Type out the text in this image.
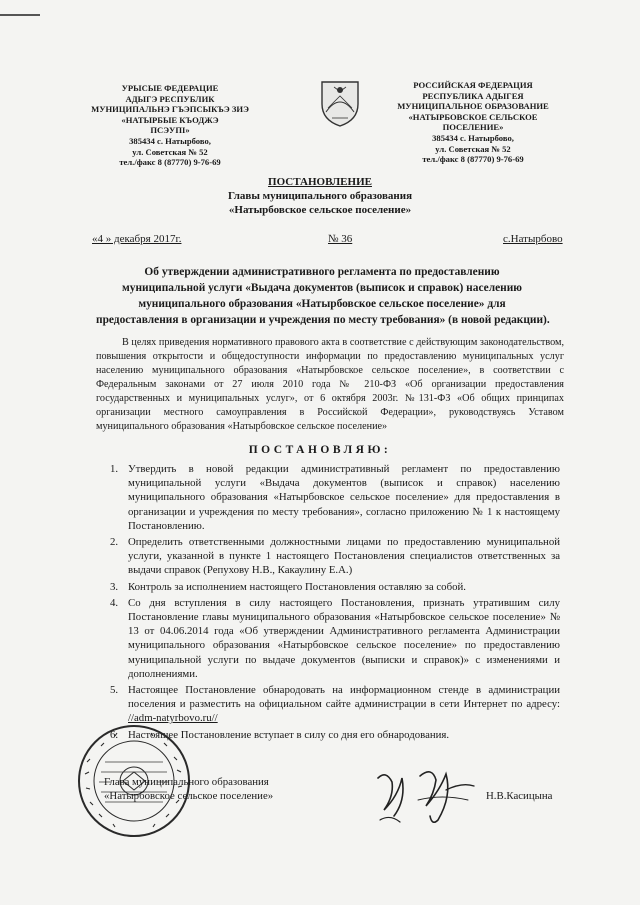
УРЫСЫЕ ФЕДЕРАЦИЕ
АДЫГЭ РЕСПУБЛИК
МУНИЦИПАЛЬНЭ ГЪЭПСЫКЪЭ ЗИЭ
«НАТЫРБЫЕ КЪОДЖЭ
ПСЭУПІ»
385434 с. Натырбово,
ул. Советская № 52
тел./факс 8 (87770) 9-76-69
РОССИЙСКАЯ ФЕДЕРАЦИЯ
РЕСПУБЛИКА АДЫГЕЯ
МУНИЦИПАЛЬНОЕ ОБРАЗОВАНИЕ
«НАТЫРБОВСКОЕ СЕЛЬСКОЕ
ПОСЕЛЕНИЕ»
385434 с. Натырбово,
ул. Советская № 52
тел./факс 8 (87770) 9-76-69
ПОСТАНОВЛЕНИЕ
Главы муниципального образования
«Натырбовское сельское поселение»
«4 » декабря 2017г.	№ 36	с.Натырбово
Об утверждении административного регламента по предоставлению
муниципальной услуги «Выдача документов (выписок и справок) населению
муниципального образования «Натырбовское сельское поселение» для
предоставления в организации и учреждения по месту требования» (в новой редакции).
В целях приведения нормативного правового акта в соответствие с действующим законодательством, повышения открытости и общедоступности информации по предоставлению муниципальных услуг населению муниципального образования «Натырбовское сельское поселение», в соответствии с Федеральным законами от 27 июля 2010 года № 210-ФЗ «Об организации предоставления государственных и муниципальных услуг», от 6 октября 2003г. №131-ФЗ «Об общих принципах организации местного самоуправления в Российской Федерации», руководствуясь Уставом муниципального образования «Натырбовское сельское поселение»
ПОСТАНОВЛЯЮ:
1. Утвердить в новой редакции административный регламент по предоставлению муниципальной услуги «Выдача документов (выписок и справок) населению муниципального образования «Натырбовское сельское поселение» для предоставления в организации и учреждения по месту требования», согласно приложению № 1 к настоящему Постановлению.
2. Определить ответственными должностными лицами по предоставлению муниципальной услуги, указанной в пункте 1 настоящего Постановления специалистов ответственных за выдачи справок (Репухову Н.В., Какаулину Е.А.)
3. Контроль за исполнением настоящего Постановления оставляю за собой.
4. Со дня вступления в силу настоящего Постановления, признать утратившим силу Постановление главы муниципального образования «Натырбовское сельское поселение» № 13 от 04.06.2014 года «Об утверждении Административного регламента Администрации муниципального образования «Натырбовское сельское поселение» по предоставлению муниципальной услуги по выдаче документов (выписки и справок)» с изменениями и дополнениями.
5. Настоящее Постановление обнародовать на информационном стенде в администрации поселения и разместить на официальном сайте администрации в сети Интернет по адресу: //adm-natyrbovo.ru//
6. Настоящее Постановление вступает в силу со дня его обнародования.
Глава муниципального образования
«Натырбовское сельское поселение»	Н.В.Касицына
